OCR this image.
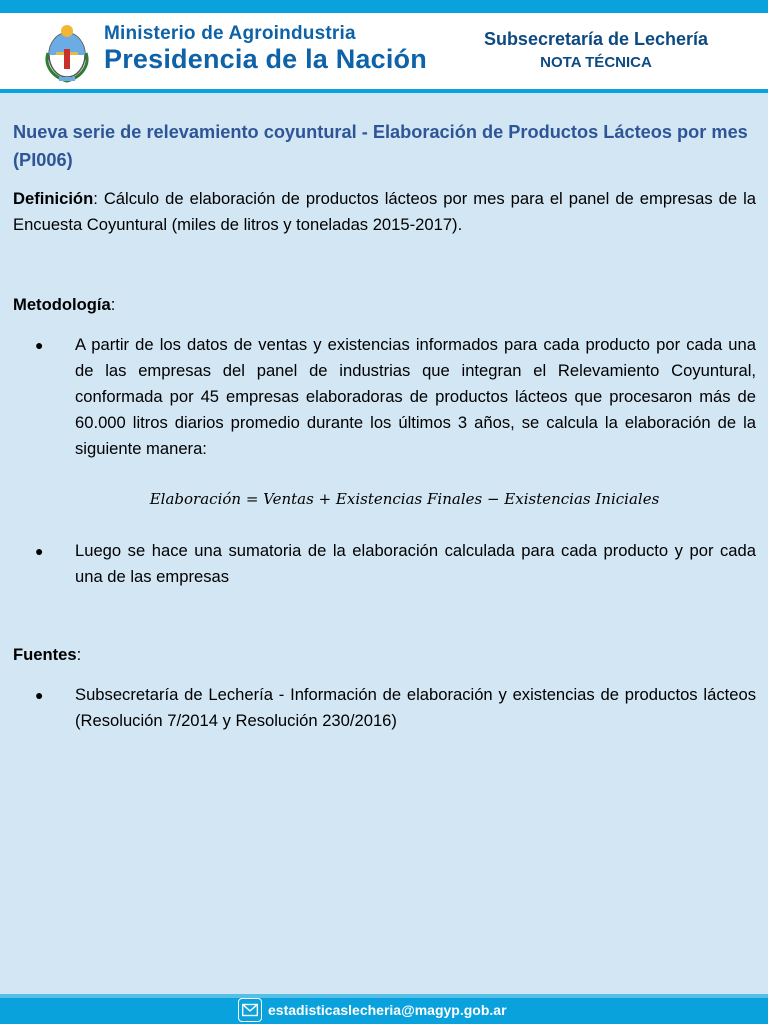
Ministerio de Agroindustria
Presidencia de la Nación
Subsecretaría de Lechería
NOTA TÉCNICA

Nueva serie de relevamiento coyuntural - Elaboración de Productos Lácteos por mes (PI006)

Definición: Cálculo de elaboración de productos lácteos por mes para el panel de empresas de la Encuesta Coyuntural (miles de litros y toneladas 2015-2017).

Metodología:

●	A partir de los datos de ventas y existencias informados para cada producto por cada una de las empresas del panel de industrias que integran el Relevamiento Coyuntural, conformada por 45 empresas elaboradoras de productos lácteos que procesaron más de 60.000 litros diarios promedio durante los últimos 3 años, se calcula la elaboración de la siguiente manera:
Elaboración = Ventas + Existencias Finales − Existencias Iniciales
●	Luego se hace una sumatoria de la elaboración calculada para cada producto y por cada una de las empresas

Fuentes:

●	Subsecretaría de Lechería - Información de elaboración y existencias de productos lácteos (Resolución 7/2014 y Resolución 230/2016)
estadisticaslecheria@magyp.gob.ar
